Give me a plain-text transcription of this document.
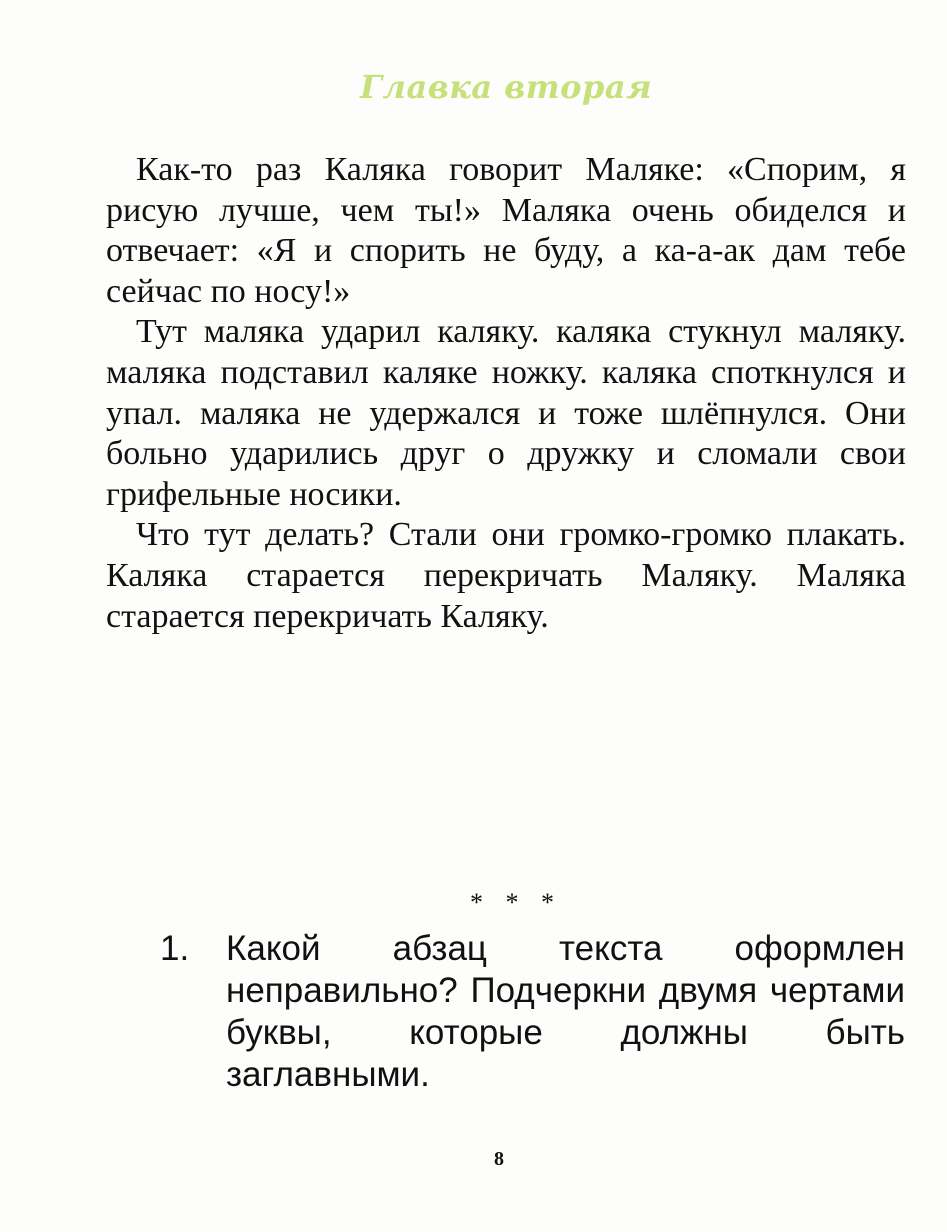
Главка вторая

Как-то раз Каляка говорит Маляке: «Спорим, я рисую лучше, чем ты!» Маляка очень обиделся и отвечает: «Я и спорить не буду, а ка-а-ак дам тебе сейчас по носу!»

Тут маляка ударил каляку. каляка стукнул маляку. маляка подставил каляке ножку. каляка споткнулся и упал. маляка не удержался и тоже шлёпнулся. Они больно ударились друг о дружку и сломали свои грифельные носики.

Что тут делать? Стали они громко-громко плакать. Каляка старается перекричать Маляку. Маляка старается перекричать Каляку.

* * *

1. Какой абзац текста оформлен неправильно? Подчеркни двумя чертами буквы, которые должны быть заглавными.

8
